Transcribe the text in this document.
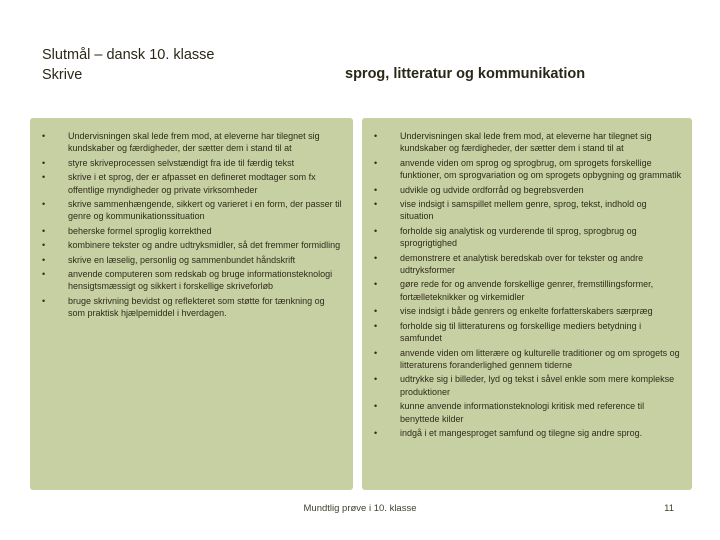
Slutmål – dansk 10. klasse
Skrive	sprog, litteratur og kommunikation
•	Undervisningen skal lede frem mod, at eleverne har tilegnet sig kundskaber og færdigheder, der sætter dem i stand til at
•	styre skriveprocessen selvstændigt fra ide til færdig tekst
•	skrive i et sprog, der er afpasset en defineret modtager som fx offentlige myndigheder og private virksomheder
•	skrive sammenhængende, sikkert og varieret i en form, der passer til genre og kommunikationssituation
•	beherske formel sproglig korrekthed
•	kombinere tekster og andre udtryksmidler, så det fremmer formidling
•	skrive en læselig, personlig og sammenbundet håndskrift
•	anvende computeren som redskab og bruge informationsteknologi hensigtsmæssigt og sikkert i forskellige skriveforløb
•	bruge skrivning bevidst og reflekteret som støtte for tænkning og som praktisk hjælpemiddel i hverdagen.
•	Undervisningen skal lede frem mod, at eleverne har tilegnet sig kundskaber og færdigheder, der sætter dem i stand til at
•	anvende viden om sprog og sprogbrug, om sprogets forskellige funktioner, om sprogvariation og om sprogets opbygning og grammatik
•	udvikle og udvide ordforråd og begrebsverden
•	vise indsigt i samspillet mellem genre, sprog, tekst, indhold og situation
•	forholde sig analytisk og vurderende til sprog, sprogbrug og sprogrigtighed
•	demonstrere et analytisk beredskab over for tekster og andre udtryksformer
•	gøre rede for og anvende forskellige genrer, fremstillingsformer, fortælleteknikker og virkemidler
•	vise indsigt i både genrers og enkelte forfatterskabers særpræg
•	forholde sig til litteraturens og forskellige mediers betydning i samfundet
•	anvende viden om litterære og kulturelle traditioner og om sprogets og litteraturens foranderlighed gennem tiderne
•	udtrykke sig i billeder, lyd og tekst i såvel enkle som mere komplekse produktioner
•	kunne anvende informationsteknologi kritisk med reference til benyttede kilder
•	indgå i et mangesproget samfund og tilegne sig andre sprog.
Mundtlig prøve i 10. klasse	11
